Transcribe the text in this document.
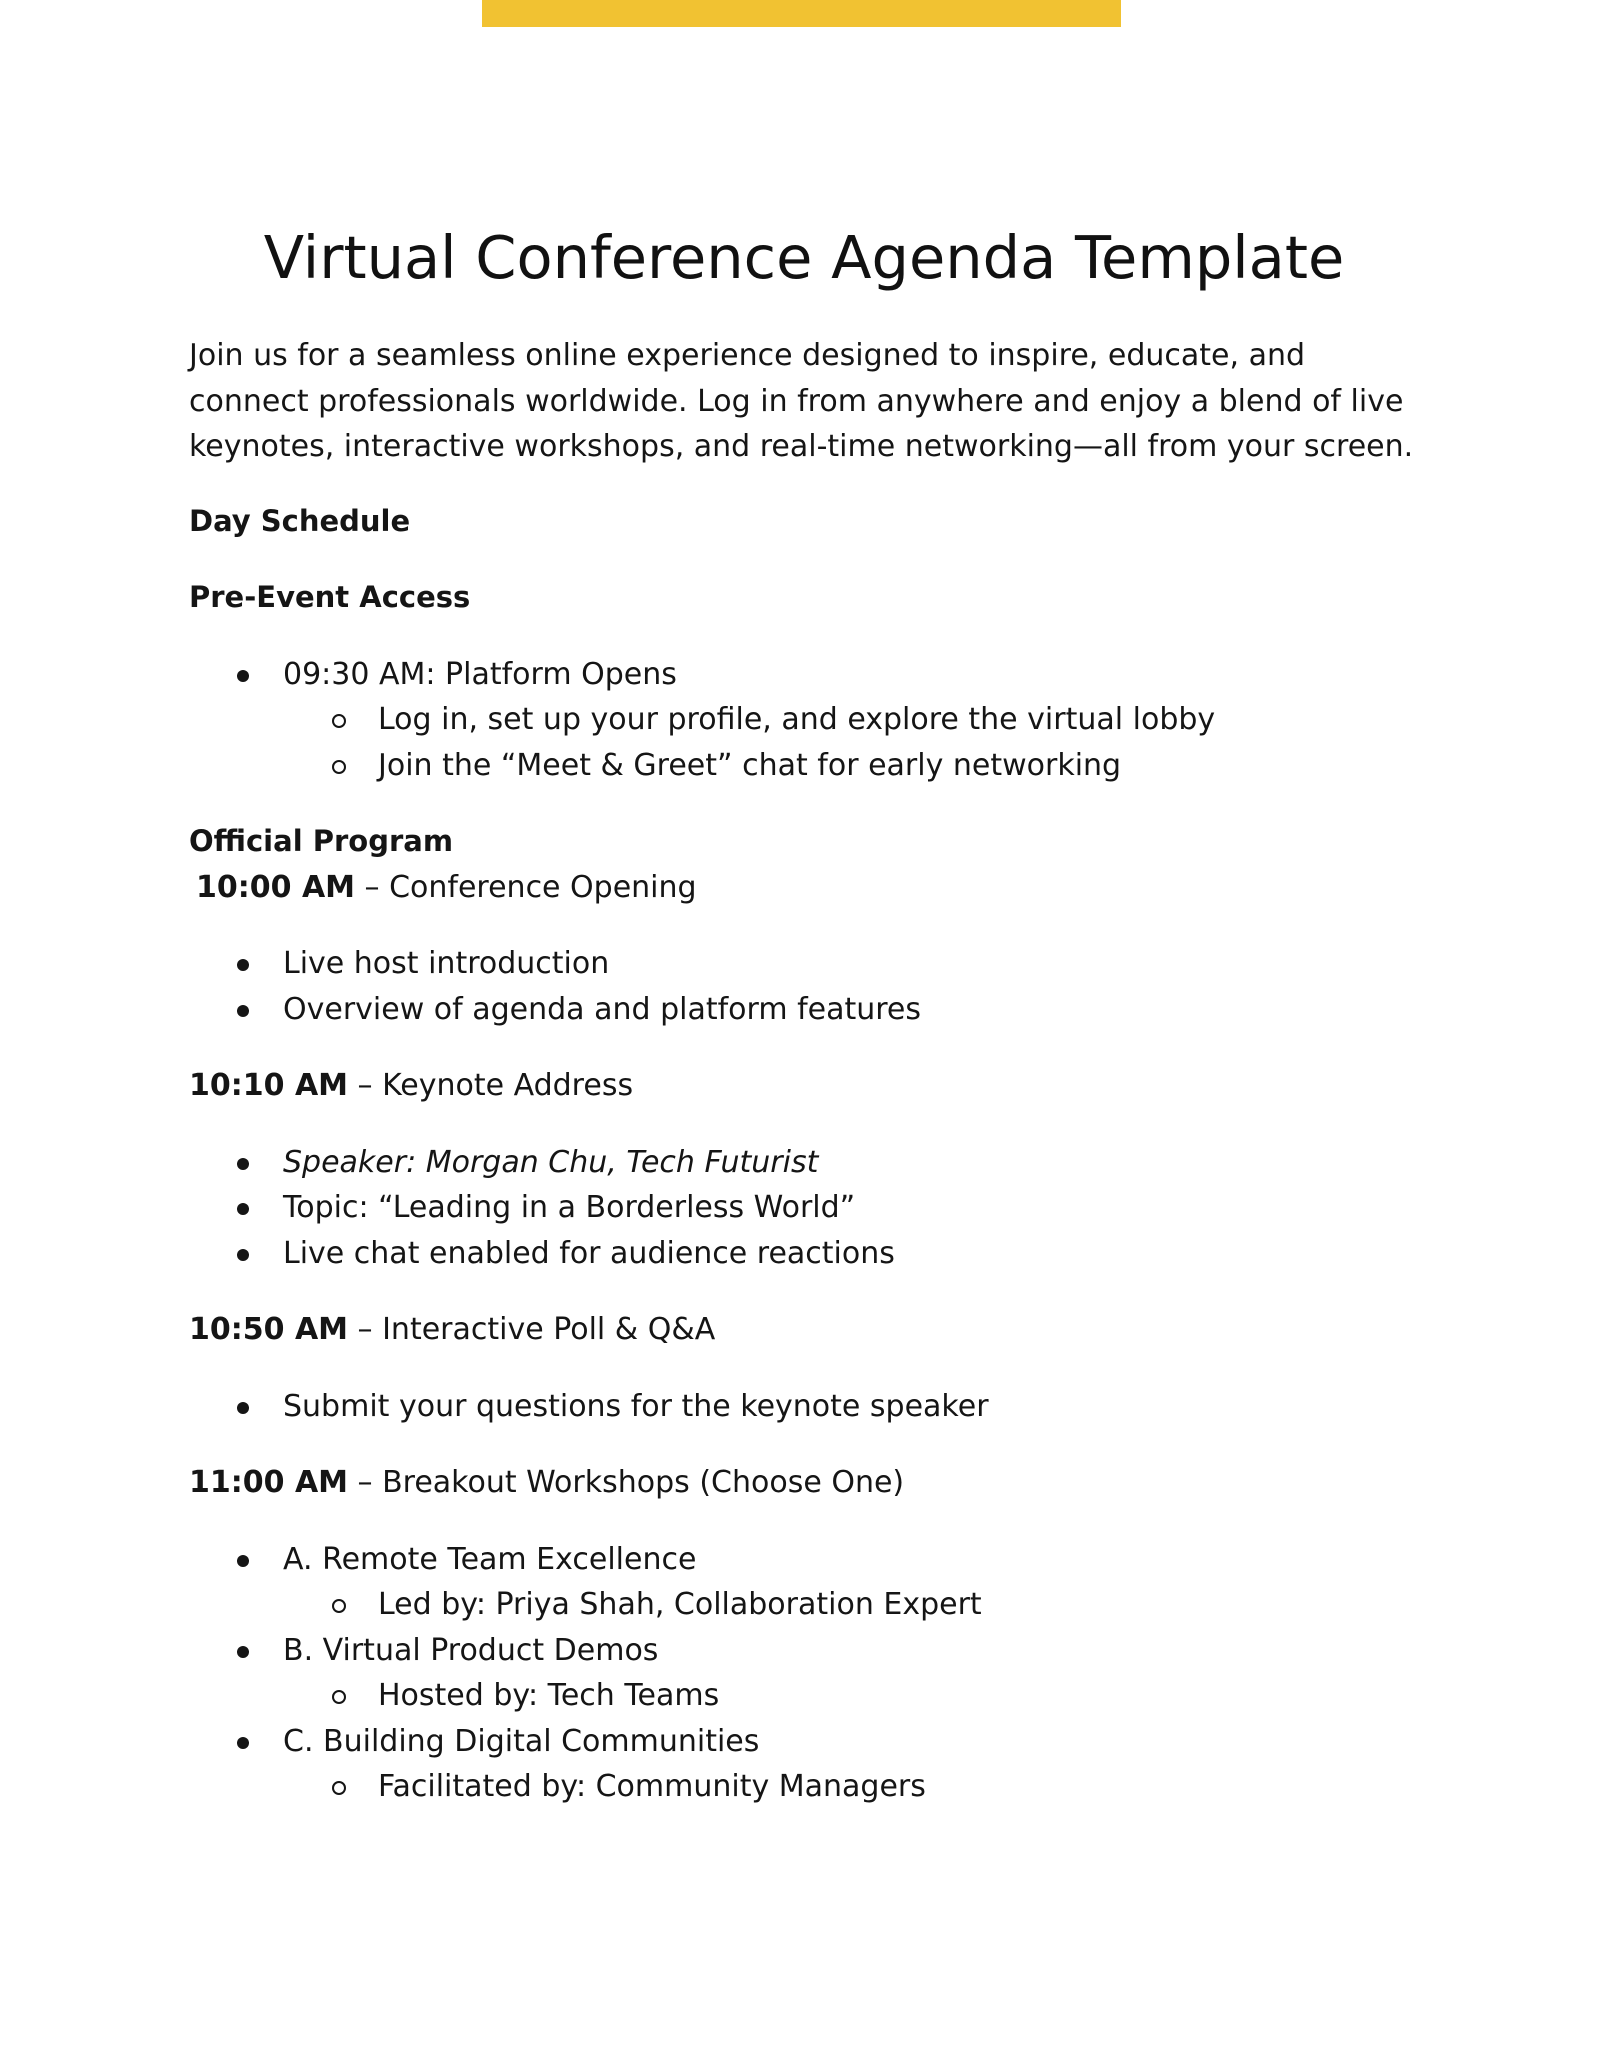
Virtual Conference Agenda Template

Join us for a seamless online experience designed to inspire, educate, and connect professionals worldwide. Log in from anywhere and enjoy a blend of live keynotes, interactive workshops, and real-time networking—all from your screen.

Day Schedule
Pre-Event Access
09:30 AM: Platform Opens
Log in, set up your profile, and explore the virtual lobby
Join the “Meet & Greet” chat for early networking
Official Program
10:00 AM – Conference Opening
Live host introduction
Overview of agenda and platform features
10:10 AM – Keynote Address
Speaker: Morgan Chu, Tech Futurist
Topic: “Leading in a Borderless World”
Live chat enabled for audience reactions
10:50 AM – Interactive Poll & Q&A
Submit your questions for the keynote speaker
11:00 AM – Breakout Workshops (Choose One)
A. Remote Team Excellence
Led by: Priya Shah, Collaboration Expert
B. Virtual Product Demos
Hosted by: Tech Teams
C. Building Digital Communities
Facilitated by: Community Managers
